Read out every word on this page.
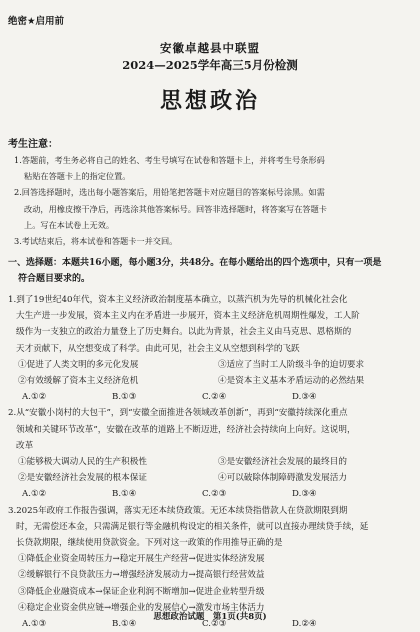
绝密★启用前
安徽卓越县中联盟
2024—2025学年高三5月份检测
思想政治
考生注意：
1.答题前，考生务必将自己的姓名、考生号填写在试卷和答题卡上，并将考生号条形码
粘贴在答题卡上的指定位置。
2.回答选择题时，选出每小题答案后，用铅笔把答题卡对应题目的答案标号涂黑。如需
改动，用橡皮擦干净后，再选涂其他答案标号。回答非选择题时，将答案写在答题卡
上。写在本试卷上无效。
3.考试结束后，将本试卷和答题卡一并交回。
一、选择题：本题共16小题，每小题3分，共48分。在每小题给出的四个选项中，只有一项是
符合题目要求的。
1.到了19世纪40年代，资本主义经济政治制度基本确立，以蒸汽机为先导的机械化社会化
大生产进一步发展，资本主义内在矛盾进一步展开，资本主义经济危机周期性爆发，工人阶
级作为一支独立的政治力量登上了历史舞台。以此为背景，社会主义由马克思、恩格斯的
天才贡献下，从空想变成了科学。由此可见，社会主义从空想到科学的飞跃
①促进了人类文明的多元化发展	③适应了当时工人阶级斗争的迫切要求
②有效缓解了资本主义经济危机	④是资本主义基本矛盾运动的必然结果
A.①②	B.①③	C.②④	D.③④
2.从“安徽小岗村的大包干”，到“安徽全面推进各领域改革创新”，再到“安徽持续深化重点
领域和关键环节改革”，安徽在改革的道路上不断迈进，经济社会持续向上向好。这说明，
改革
①能够极大调动人民的生产积极性	③是安徽经济社会发展的最终目的
②是安徽经济社会发展的根本保证	④可以破除体制障碍激发发展活力
A.①②	B.①④	C.②③	D.③④
3.2025年政府工作报告强调，落实无还本续贷政策。无还本续贷指借款人在贷款期限到期
时，无需偿还本金，只需满足银行等金融机构设定的相关条件，就可以直接办理续贷手续，延
长贷款期限，继续使用贷款资金。下列对这一政策的作用推导正确的是
①降低企业资金周转压力→稳定开展生产经营→促进实体经济发展
②缓解银行不良贷款压力→增强经济发展动力→提高银行经营效益
③降低企业融资成本→保证企业利润不断增加→促进企业转型升级
④稳定企业资金供应链→增强企业的发展信心→激发市场主体活力
A.①③	B.①④	C.②③	D.②④
思想政治试题　第1页(共8页)
